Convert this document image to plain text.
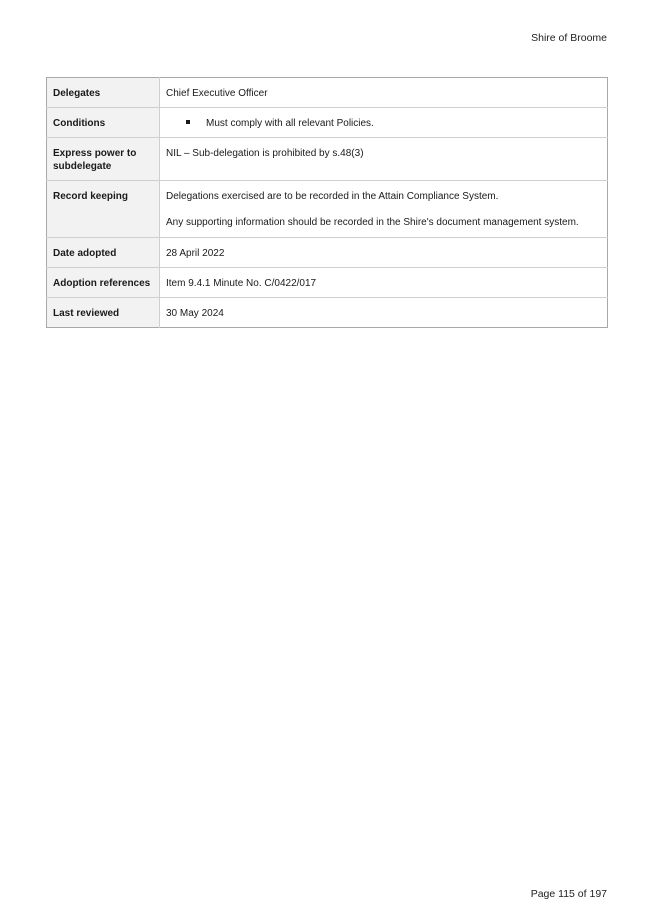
Shire of Broome
Delegates	Chief Executive Officer
Conditions	Must comply with all relevant Policies.

Express power to subdelegate	NIL – Sub-delegation is prohibited by s.48(3)
Record keeping	Delegations exercised are to be recorded in the Attain Compliance System.
Any supporting information should be recorded in the Shire's document management system.

Date adopted	28 April 2022
Adoption references	Item 9.4.1 Minute No. C/0422/017
Last reviewed	30 May 2024
Page 115 of 197
